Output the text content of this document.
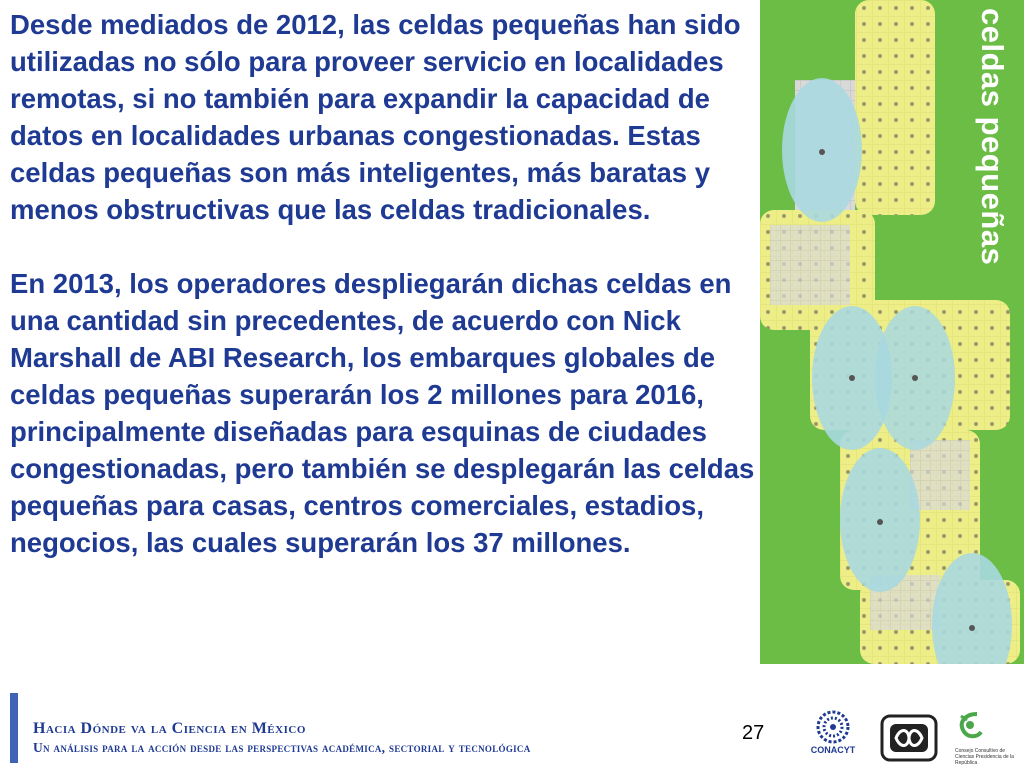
Desde mediados de 2012, las celdas pequeñas han sido utilizadas no sólo para proveer servicio en localidades remotas, si no también para expandir la capacidad de datos en localidades urbanas congestionadas. Estas celdas pequeñas son más inteligentes, más baratas y menos obstructivas que las celdas tradicionales.

En 2013, los operadores despliegarán dichas celdas en una cantidad sin precedentes, de acuerdo con Nick Marshall de ABI Research, los embarques globales de celdas pequeñas superarán los 2 millones para 2016, principalmente diseñadas para esquinas de ciudades congestionadas, pero también se desplegarán las celdas pequeñas para casas, centros comerciales, estadios, negocios, las cuales superarán los 37 millones.

celdas pequeñas
Hacia Dónde va la Ciencia en México
Un análisis para la acción desde las perspectivas académica, sectorial y tecnológica
27
CONACYT	Consejo Consultivo de Ciencias Presidencia de la República
